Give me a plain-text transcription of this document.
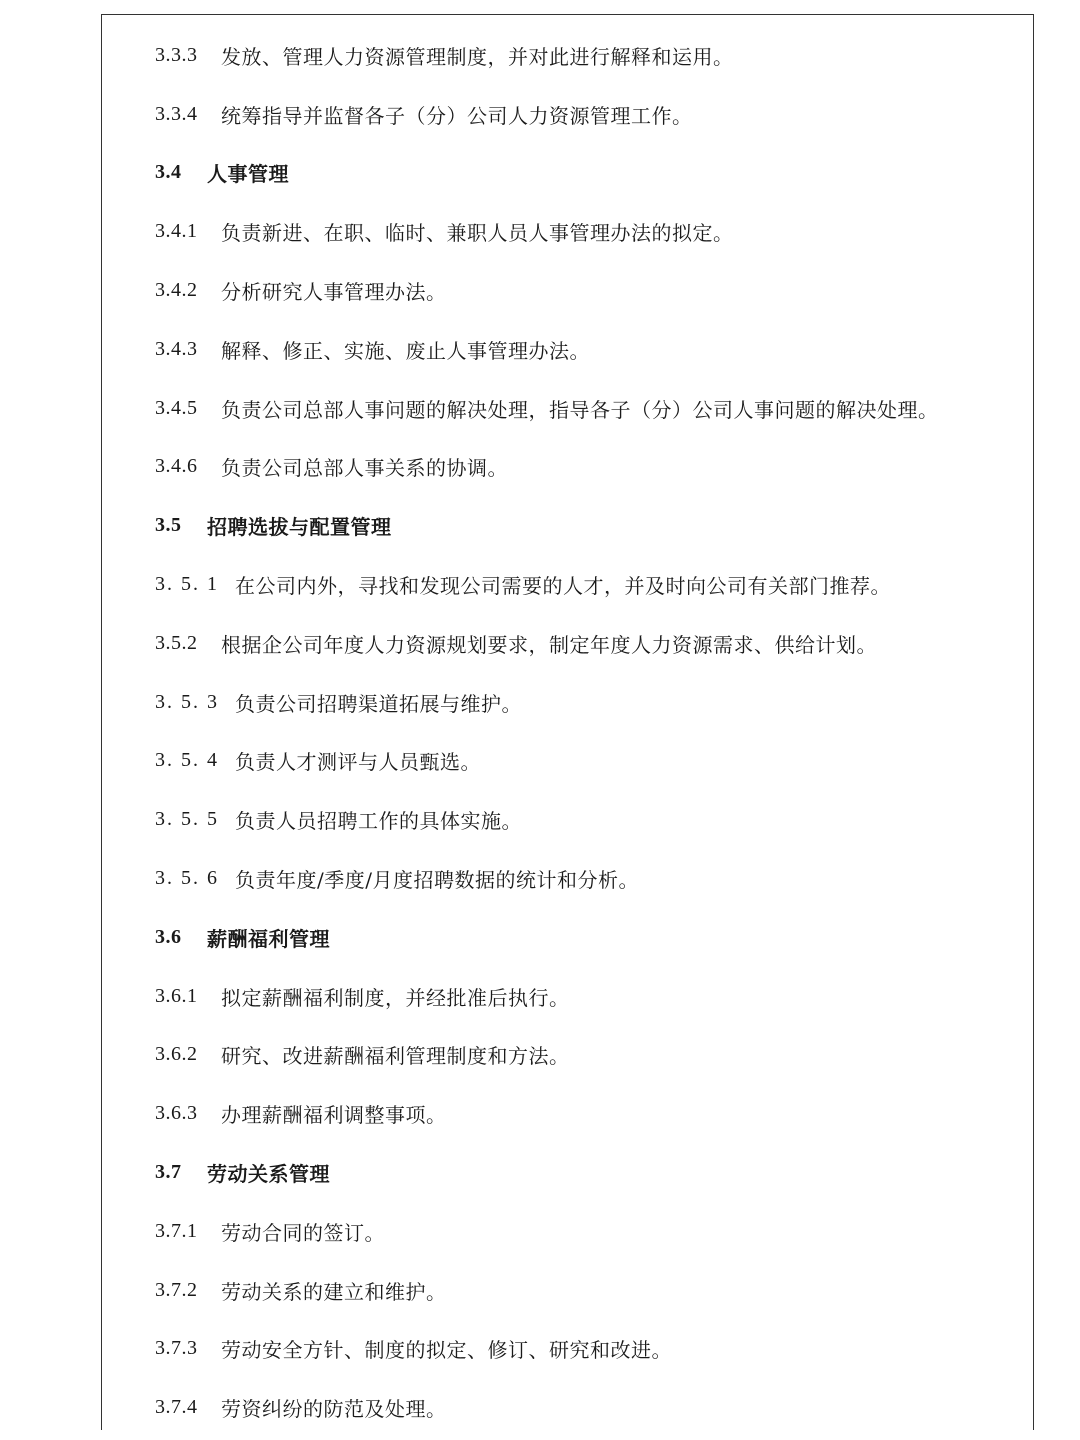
3.3.3	发放、管理人力资源管理制度，并对此进行解释和运用。
3.3.4	统筹指导并监督各子（分）公司人力资源管理工作。
3.4	人事管理
3.4.1	负责新进、在职、临时、兼职人员人事管理办法的拟定。
3.4.2	分析研究人事管理办法。
3.4.3	解释、修正、实施、废止人事管理办法。
3.4.5	负责公司总部人事问题的解决处理，指导各子（分）公司人事问题的解决处理。
3.4.6	负责公司总部人事关系的协调。
3.5	招聘选拔与配置管理
3. 5. 1 在公司内外，寻找和发现公司需要的人才，并及时向公司有关部门推荐。
3.5.2	根据企公司年度人力资源规划要求，制定年度人力资源需求、供给计划。
3. 5. 3 负责公司招聘渠道拓展与维护。
3. 5. 4 负责人才测评与人员甄选。
3. 5. 5 负责人员招聘工作的具体实施。
3. 5. 6 负责年度/季度/月度招聘数据的统计和分析。
3.6	薪酬福利管理
3.6.1	拟定薪酬福利制度，并经批准后执行。
3.6.2	研究、改进薪酬福利管理制度和方法。
3.6.3	办理薪酬福利调整事项。
3.7	劳动关系管理
3.7.1	劳动合同的签订。
3.7.2	劳动关系的建立和维护。
3.7.3	劳动安全方针、制度的拟定、修订、研究和改进。
3.7.4	劳资纠纷的防范及处理。
